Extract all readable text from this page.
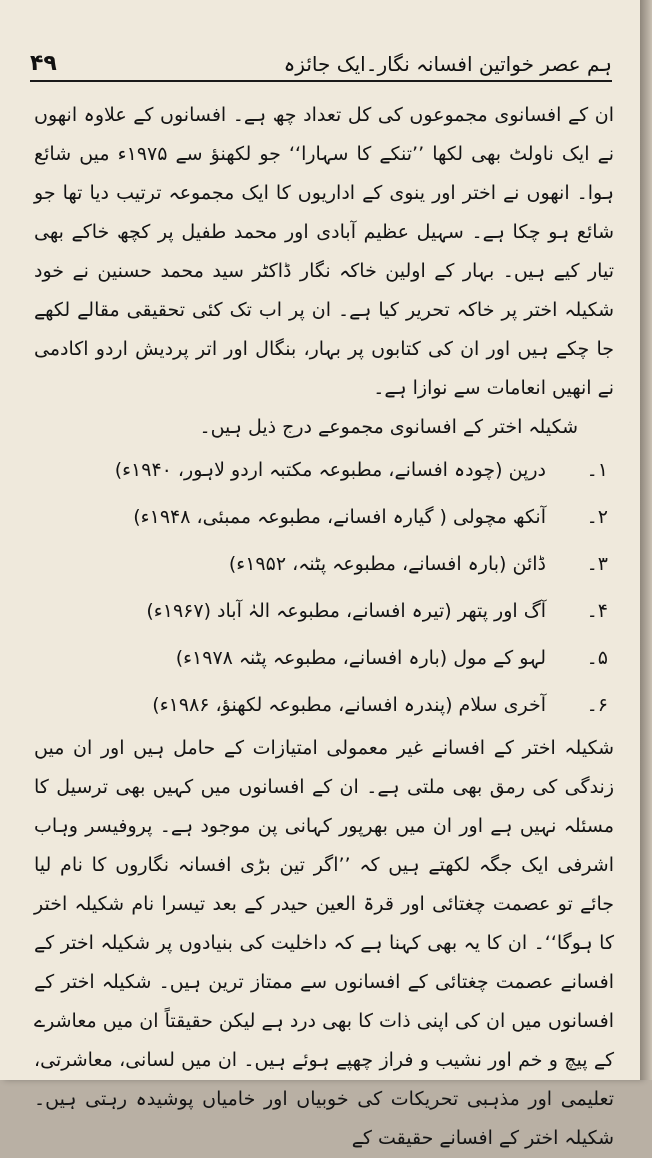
۴۹	ہم عصر خواتین افسانہ نگار۔ایک جائزہ

ان کے افسانوی مجموعوں کی کل تعداد چھ ہے۔ افسانوں کے علاوہ انھوں نے ایک ناولٹ بھی لکھا ’’تنکے کا سہارا‘‘ جو لکھنؤ سے ۱۹۷۵ء میں شائع ہوا۔ انھوں نے اختر اور ینوی کے اداریوں کا ایک مجموعہ ترتیب دیا تھا جو شائع ہو چکا ہے۔ سہیل عظیم آبادی اور محمد طفیل پر کچھ خاکے بھی تیار کیے ہیں۔ بہار کے اولین خاکہ نگار ڈاکٹر سید محمد حسنین نے خود شکیلہ اختر پر خاکہ تحریر کیا ہے۔ ان پر اب تک کئی تحقیقی مقالے لکھے جا چکے ہیں اور ان کی کتابوں پر بہار، بنگال اور اتر پردیش اردو اکادمی نے انھیں انعامات سے نوازا ہے۔

شکیلہ اختر کے افسانوی مجموعے درج ذیل ہیں۔

۱۔
درپن (چودہ افسانے، مطبوعہ مکتبہ اردو لاہور، ۱۹۴۰ء)
۲۔
آنکھ مچولی ( گیارہ افسانے، مطبوعہ ممبئی، ۱۹۴۸ء)
۳۔
ڈائن (بارہ افسانے، مطبوعہ پٹنہ، ۱۹۵۲ء)
۴۔
آگ اور پتھر (تیرہ افسانے، مطبوعہ الہٰ آباد (۱۹۶۷ء)
۵۔
لہو کے مول (بارہ افسانے، مطبوعہ پٹنہ ۱۹۷۸ء)
۶۔
آخری سلام (پندرہ افسانے، مطبوعہ لکھنؤ، ۱۹۸۶ء)

شکیلہ اختر کے افسانے غیر معمولی امتیازات کے حامل ہیں اور ان میں زندگی کی رمق بھی ملتی ہے۔ ان کے افسانوں میں کہیں بھی ترسیل کا مسئلہ نہیں ہے اور ان میں بھرپور کہانی پن موجود ہے۔ پروفیسر وہاب اشرفی ایک جگہ لکھتے ہیں کہ ’’اگر تین بڑی افسانہ نگاروں کا نام لیا جائے تو عصمت چغتائی اور قرۃ العین حیدر کے بعد تیسرا نام شکیلہ اختر کا ہوگا‘‘۔ ان کا یہ بھی کہنا ہے کہ داخلیت کی بنیادوں پر شکیلہ اختر کے افسانے عصمت چغتائی کے افسانوں سے ممتاز ترین ہیں۔ شکیلہ اختر کے افسانوں میں ان کی اپنی ذات کا بھی درد ہے لیکن حقیقتاً ان میں معاشرے کے پیچ و خم اور نشیب و فراز چھپے ہوئے ہیں۔ ان میں لسانی، معاشرتی، تعلیمی اور مذہبی تحریکات کی خوبیاں اور خامیاں پوشیدہ رہتی ہیں۔ شکیلہ اختر کے افسانے حقیقت کے
